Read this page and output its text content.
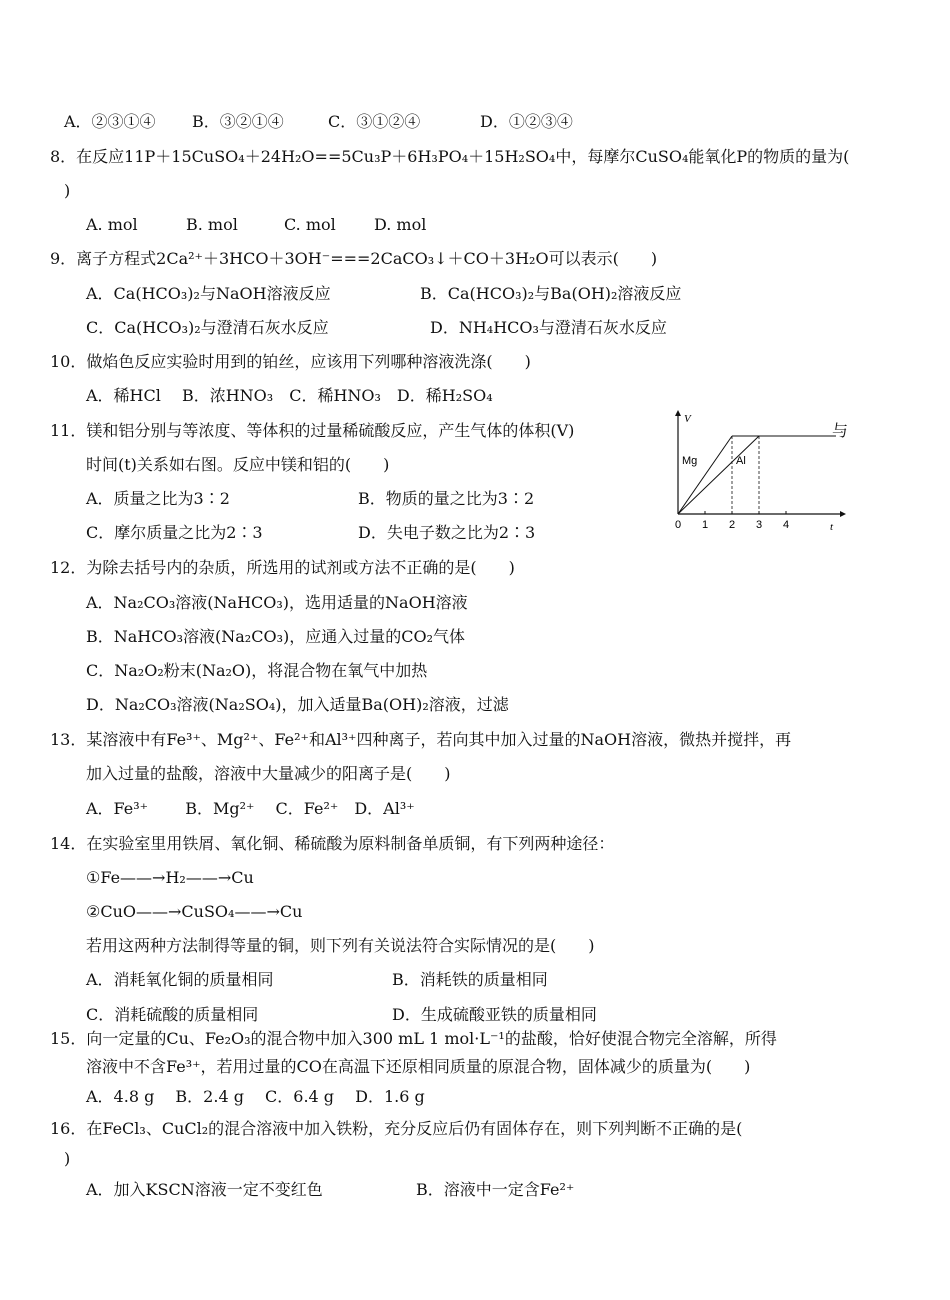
A．②③①④ B．③②①④	C．③①②④	D．①②③④
8．在反应11P＋15CuSO₄＋24H₂O==5Cu₃P＋6H₃PO₄＋15H₂SO₄中，每摩尔CuSO₄能氧化P的物质的量为(
)
A. mol	B. mol	C. mol D. mol
9．离子方程式2Ca²⁺＋3HCO＋3OH⁻===2CaCO₃↓＋CO＋3H₂O可以表示(　　)
A．Ca(HCO₃)₂与NaOH溶液反应	B．Ca(HCO₃)₂与Ba(OH)₂溶液反应
C．Ca(HCO₃)₂与澄清石灰水反应	D．NH₄HCO₃与澄清石灰水反应
10．做焰色反应实验时用到的铂丝，应该用下列哪种溶液洗涤(　　)
A．稀HCl　 B．浓HNO₃　C．稀HNO₃　D．稀H₂SO₄
11．镁和铝分别与等浓度、等体积的过量稀硫酸反应，产生气体的体积(V)	与
时间(t)关系如右图。反应中镁和铝的(　　)
A．质量之比为3∶2	B．物质的量之比为3∶2
C．摩尔质量之比为2∶3	D．失电子数之比为2∶3
V
t
0 1 2 3 4
Mg	Al
12．为除去括号内的杂质，所选用的试剂或方法不正确的是(　　)
A．Na₂CO₃溶液(NaHCO₃)，选用适量的NaOH溶液
B．NaHCO₃溶液(Na₂CO₃)，应通入过量的CO₂气体
C．Na₂O₂粉末(Na₂O)，将混合物在氧气中加热
D．Na₂CO₃溶液(Na₂SO₄)，加入适量Ba(OH)₂溶液，过滤
13．某溶液中有Fe³⁺、Mg²⁺、Fe²⁺和Al³⁺四种离子，若向其中加入过量的NaOH溶液，微热并搅拌，再
加入过量的盐酸，溶液中大量减少的阳离子是(　　)
A．Fe³⁺　　 B．Mg²⁺　 C．Fe²⁺　D．Al³⁺
14．在实验室里用铁屑、氧化铜、稀硫酸为原料制备单质铜，有下列两种途径：
①Fe——→H₂——→Cu
②CuO——→CuSO₄——→Cu
若用这两种方法制得等量的铜，则下列有关说法符合实际情况的是(　　)
A．消耗氧化铜的质量相同	B．消耗铁的质量相同
C．消耗硫酸的质量相同	D．生成硫酸亚铁的质量相同
15．向一定量的Cu、Fe₂O₃的混合物中加入300 mL 1 mol·L⁻¹的盐酸，恰好使混合物完全溶解，所得
溶液中不含Fe³⁺，若用过量的CO在高温下还原相同质量的原混合物，固体减少的质量为(　　)
A．4.8 g　 B．2.4 g　 C．6.4 g　 D．1.6 g
16．在FeCl₃、CuCl₂的混合溶液中加入铁粉，充分反应后仍有固体存在，则下列判断不正确的是(
)
A．加入KSCN溶液一定不变红色	B．溶液中一定含Fe²⁺
